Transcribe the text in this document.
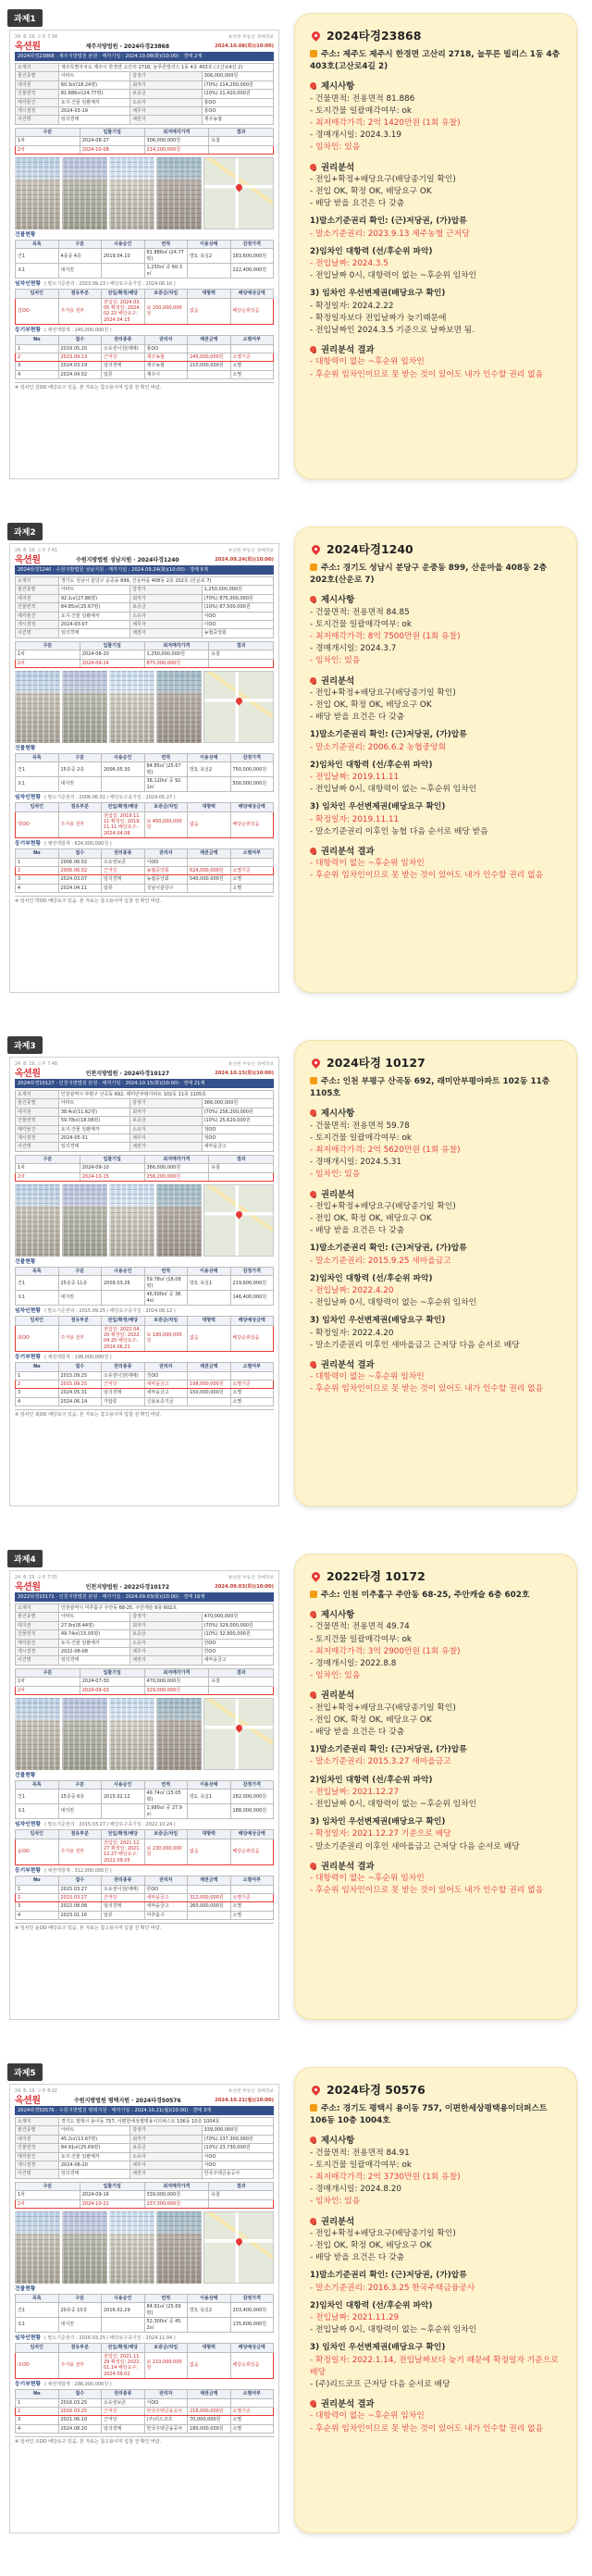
과제1
24. 8. 19. 오후 7:34	옥션원 부동산 경매정보
옥션원	제주지방법원 · 2024타경23868	2024.10.08(화)(10:00)
2024타경23868 · 제주지방법원 본원 · 매각기일 : 2024.10.08(화)(10:00) · 경매 2계
소재지	제주특별자치도 제주시 한경면 고산리 2718, 늘푸른빌리스 1동 4층 403호 (고산로4길 2)		
물건종별	아파트	감정가	306,000,000원
대지권	60.3㎡(18.24평)	최저가	(70%) 214,200,000원
건물면적	81.886㎡(24.77평)	보증금	(10%) 21,420,000원
매각물건	토지·건물 일괄매각	소유자	홍OO
개시결정	2024-03-19	채무자	홍OO
사건명	임의경매	채권자	제주농협
구분	입찰기일	최저매각가격	결과
1차	2024-08-27	306,000,000원	유찰
2차	2024-10-08	214,200,000원	
건물현황
목록	구분	사용승인	면적	이용상태	감정가격
건1	4층중 4층	2019.04.10	81.886㎡ (24.77평)	방3, 욕실2	183,600,000원
토1	대지권		1,250㎡ 중 60.3㎡		122,400,000원
임차인현황 ( 말소기준권리 : 2023.09.13 / 배당요구종기일 : 2024.06.10 )
임차인	점유부분	전입/확정/배당	보증금/차임	대항력	배당예상금액
김OO	주거용 전부	전입일: 2024.03.05 확정일: 2024.02.22 배당요구: 2024.04.15	보 200,000,000원	없음	배당순위있음
등기부현황 ( 채권액합계 : 245,000,000원 )
No	접수	권리종류	권리자	채권금액	소멸여부
1	2019.05.20	소유권이전(매매)	홍OO		
2	2023.09.13	근저당	제주농협	245,000,000원	소멸기준
3	2024.03.19	임의경매	제주농협	210,000,000원	소멸
4	2024.04.02	압류	제주시		소멸
※ 임차인 김OO 배당요구 있음. 본 자료는 참고용이며 입찰 전 확인 바람.
2024타경23868
주소: 제주도 제주시 한경면 고산리 2718, 늘푸른 빌리스 1동 4층 403호(고산로4길 2)
제시사항
- 건물면적: 전용면적 81.886
- 토지건물 일괄매각여부: ok
- 최저매각가격: 2억 1420만원 (1회 유찰)
- 경매개시일: 2024.3.19
- 임차인: 있음
권리분석
- 전입+확정+배당요구(배당종기일 확인)
- 전입 OK, 확정 OK, 배당요구 OK
- 배당 받을 요건은 다 갖춤
1)말소기준권리 확인: (근)저당권, (가)압류
- 말소기준권리: 2023.9.13 제주농협 근저당
2)임차인 대항력 (선/후순위 파악)
- 전입날짜: 2024.3.5
- 전입날짜 0시, 대항력이 없는 ~후순위 임차인
3) 임차인 우선변제권(배당요구 확인)
- 확정일자: 2024.2.22
- 확정일자보다 전입날짜가 늦기때문에
- 전입날짜인 2024.3.5 기준으로 날짜보면 됨.
권리분석 결과
- 대항력이 없는 ~후순위 임차인
- 후순위 임차인이므로 못 받는 것이 있어도 내가 인수할 권리 없음
과제2
24. 8. 19. 오후 7:41	옥션원 부동산 경매정보
옥션원	수원지방법원 성남지원 · 2024타경1240	2024.09.24(화)(10:00)
2024타경1240 · 수원지방법원 성남지원 · 매각기일 : 2024.09.24(화)(10:00) · 경매 5계
소재지	경기도 성남시 분당구 운중동 899, 산운마을 408동 2층 202호 (산운로 7)		
물건종별	아파트	감정가	1,250,000,000원
대지권	92.1㎡(27.86평)	최저가	(70%) 875,000,000원
건물면적	84.85㎡(25.67평)	보증금	(10%) 87,500,000원
매각물건	토지·건물 일괄매각	소유자	이OO
개시결정	2024-03-07	채무자	이OO
사건명	임의경매	채권자	농협중앙회
구분	입찰기일	최저매각가격	결과
1차	2024-08-20	1,250,000,000원	유찰
2차	2024-09-24	875,000,000원	
건물현황
목록	구분	사용승인	면적	이용상태	감정가격
건1	15층중 2층	2006.05.30	84.85㎡ (25.67평)	방3, 욕실2	750,000,000원
토1	대지권		38,120㎡ 중 92.1㎡		500,000,000원
임차인현황 ( 말소기준권리 : 2006.06.02 / 배당요구종기일 : 2024.05.27 )
임차인	점유부분	전입/확정/배당	보증금/차임	대항력	배당예상금액
박OO	주거용 전부	전입일: 2019.11.11 확정일: 2019.11.11 배당요구: 2024.04.08	보 450,000,000원	없음	배당순위있음
등기부현황 ( 채권액합계 : 624,000,000원 )
No	접수	권리종류	권리자	채권금액	소멸여부
1	2006.06.02	소유권보존	이OO		
2	2006.06.02	근저당	농협중앙회	624,000,000원	소멸기준
3	2024.03.07	임의경매	농협중앙회	540,000,000원	소멸
4	2024.04.11	압류	성남시분당구		소멸
※ 임차인 박OO 배당요구 있음. 본 자료는 참고용이며 입찰 전 확인 바람.
2024타경1240
주소: 경기도 성남시 분당구 운중동 899, 산운마을 408동 2층 202호(산운로 7)
제시사항
- 건물면적: 전용면적 84.85
- 토지건물 일괄매각여부: ok
- 최저매각가격: 8억 7500만원 (1회 유찰)
- 경매개시일: 2024.3.7
- 임차인: 있음
권리분석
- 전입+확정+배당요구(배당종기일 확인)
- 전입 OK, 확정 OK, 배당요구 OK
- 배당 받을 요건은 다 갖춤
1)말소기준권리 확인: (근)저당권, (가)압류
- 말소기준권리: 2006.6.2 농협중앙회
2)임차인 대항력 (선/후순위 파악)
- 전입날짜: 2019.11.11
- 전입날짜 0시, 대항력이 없는 ~후순위 임차인
3) 임차인 우선변제권(배당요구 확인)
- 확정일자: 2019.11.11
- 말소기준권리 이후인 농협 다음 순서로 배당 받음
권리분석 결과
- 대항력이 없는 ~후순위 임차인
- 후순위 임차인이므로 못 받는 것이 있어도 내가 인수할 권리 없음
과제3
24. 8. 19. 오후 7:48	옥션원 부동산 경매정보
옥션원	인천지방법원 · 2024타경10127	2024.10.15(화)(10:00)
2024타경10127 · 인천지방법원 본원 · 매각기일 : 2024.10.15(화)(10:00) · 경매 21계
소재지	인천광역시 부평구 산곡동 692, 래미안부평아파트 102동 11층 1105호		
물건종별	아파트	감정가	366,000,000원
대지권	38.4㎡(11.62평)	최저가	(70%) 256,200,000원
건물면적	59.78㎡(18.08평)	보증금	(10%) 25,620,000원
매각물건	토지·건물 일괄매각	소유자	정OO
개시결정	2024-05-31	채무자	정OO
사건명	임의경매	채권자	새마을금고
구분	입찰기일	최저매각가격	결과
1차	2024-09-10	366,000,000원	유찰
2차	2024-10-15	256,200,000원	
건물현황
목록	구분	사용승인	면적	이용상태	감정가격
건1	25층중 11층	2009.03.26	59.78㎡ (18.08평)	방3, 욕실1	219,600,000원
토1	대지권		46,500㎡ 중 38.4㎡		146,400,000원
임차인현황 ( 말소기준권리 : 2015.09.25 / 배당요구종기일 : 2024.08.12 )
임차인	점유부분	전입/확정/배당	보증금/차임	대항력	배당예상금액
최OO	주거용 전부	전입일: 2022.04.20 확정일: 2022.04.20 배당요구: 2024.06.21	보 180,000,000원	없음	배당순위있음
등기부현황 ( 채권액합계 : 198,000,000원 )
No	접수	권리종류	권리자	채권금액	소멸여부
1	2015.09.25	소유권이전(매매)	정OO		
2	2015.09.25	근저당	새마을금고	198,000,000원	소멸기준
3	2024.05.31	임의경매	새마을금고	150,000,000원	소멸
4	2024.06.14	가압류	신용보증기금		소멸
※ 임차인 최OO 배당요구 있음. 본 자료는 참고용이며 입찰 전 확인 바람.
2024타경 10127
주소: 인천 부평구 산곡동 692, 래미안부평아파트 102동 11층 1105호
제시사항
- 건물면적: 전용면적 59.78
- 토지건물 일괄매각여부: ok
- 최저매각가격: 2억 5620만원 (1회 유찰)
- 경매개시일: 2024.5.31
- 임차인: 있음
권리분석
- 전입+확정+배당요구(배당종기일 확인)
- 전입 OK, 확정 OK, 배당요구 OK
- 배당 받을 요건은 다 갖춤
1)말소기준권리 확인: (근)저당권, (가)압류
- 말소기준권리: 2015.9.25 새마을금고
2)임차인 대항력 (선/후순위 파악)
- 전입날짜: 2022.4.20
- 전입날짜 0시, 대항력이 없는 ~후순위 임차인
3) 임차인 우선변제권(배당요구 확인)
- 확정일자: 2022.4.20
- 말소기준권리 이후인 새마을금고 근저당 다음 순서로 배당
권리분석 결과
- 대항력이 없는 ~후순위 임차인
- 후순위 임차인이므로 못 받는 것이 있어도 내가 인수할 권리 없음
과제4
24. 8. 19. 오후 7:55	옥션원 부동산 경매정보
옥션원	인천지방법원 · 2022타경10172	2024.09.03(화)(10:00)
2022타경10172 · 인천지방법원 본원 · 매각기일 : 2024.09.03(화)(10:00) · 경매 16계
소재지	인천광역시 미추홀구 주안동 68-25, 주안캐슬 6층 602호		
물건종별	아파트	감정가	470,000,000원
대지권	27.9㎡(8.44평)	최저가	(70%) 329,000,000원
건물면적	49.74㎡(15.05평)	보증금	(10%) 32,900,000원
매각물건	토지·건물 일괄매각	소유자	한OO
개시결정	2022-08-08	채무자	한OO
사건명	임의경매	채권자	새마을금고
구분	입찰기일	최저매각가격	결과
1차	2024-07-30	470,000,000원	유찰
2차	2024-09-03	329,000,000원	
건물현황
목록	구분	사용승인	면적	이용상태	감정가격
건1	15층중 6층	2015.02.12	49.74㎡ (15.05평)	방2, 욕실1	282,000,000원
토1	대지권		1,980㎡ 중 27.9㎡		188,000,000원
임차인현황 ( 말소기준권리 : 2015.03.27 / 배당요구종기일 : 2022.10.24 )
임차인	점유부분	전입/확정/배당	보증금/차임	대항력	배당예상금액
윤OO	주거용 전부	전입일: 2021.12.27 확정일: 2021.12.27 배당요구: 2022.09.05	보 230,000,000원	없음	배당순위있음
등기부현황 ( 채권액합계 : 312,000,000원 )
No	접수	권리종류	권리자	채권금액	소멸여부
1	2015.03.27	소유권이전(매매)	한OO		
2	2015.03.27	근저당	새마을금고	312,000,000원	소멸기준
3	2022.08.08	임의경매	새마을금고	260,000,000원	소멸
4	2023.01.16	압류	미추홀구		소멸
※ 임차인 윤OO 배당요구 있음. 본 자료는 참고용이며 입찰 전 확인 바람.
2022타경 10172
주소: 인천 미추홀구 주안동 68-25, 주안캐슬 6층 602호
제시사항
- 건물면적: 전용면적 49.74
- 토지건물 일괄매각여부: ok
- 최저매각가격: 3억 2900만원 (1회 유찰)
- 경매개시일: 2022.8.8
- 임차인: 있음
권리분석
- 전입+확정+배당요구(배당종기일 확인)
- 전입 OK, 확정 OK, 배당요구 OK
- 배당 받을 요건은 다 갖춤
1)말소기준권리 확인: (근)저당권, (가)압류
- 말소기준권리: 2015.3.27 새마을금고
2)임차인 대항력 (선/후순위 파악)
- 전입날짜: 2021.12.27
- 전입날짜 0시, 대항력이 없는 ~후순위 임차인
3) 임차인 우선변제권(배당요구 확인)
- 확정일자: 2021.12.27 기준으로 배당
- 말소기준권리 이후인 새마을금고 근저당 다음 순서로 배당
권리분석 결과
- 대항력이 없는 ~후순위 임차인
- 후순위 임차인이므로 못 받는 것이 있어도 내가 인수할 권리 없음
과제5
24. 8. 19. 오후 8:02	옥션원 부동산 경매정보
옥션원	수원지방법원 평택지원 · 2024타경50576	2024.10.21(월)(10:00)
2024타경50576 · 수원지방법원 평택지원 · 매각기일 : 2024.10.21(월)(10:00) · 경매 3계
소재지	경기도 평택시 용이동 757, 이편한세상평택용이더퍼스트 106동 10층 1004호		
물건종별	아파트	감정가	339,000,000원
대지권	45.2㎡(13.67평)	최저가	(70%) 237,300,000원
건물면적	84.91㎡(25.69평)	보증금	(10%) 23,730,000원
매각물건	토지·건물 일괄매각	소유자	서OO
개시결정	2024-08-20	채무자	서OO
사건명	임의경매	채권자	한국주택금융공사
구분	입찰기일	최저매각가격	결과
1차	2024-09-16	339,000,000원	유찰
2차	2024-10-21	237,300,000원	
건물현황
목록	구분	사용승인	면적	이용상태	감정가격
건1	20층중 10층	2016.02.29	84.91㎡ (25.69평)	방3, 욕실2	203,400,000원
토1	대지권		52,300㎡ 중 45.2㎡		135,600,000원
임차인현황 ( 말소기준권리 : 2016.03.25 / 배당요구종기일 : 2024.11.04 )
임차인	점유부분	전입/확정/배당	보증금/차임	대항력	배당예상금액
조OO	주거용 전부	전입일: 2021.11.29 확정일: 2022.01.14 배당요구: 2024.09.02	보 210,000,000원	없음	배당순위있음
등기부현황 ( 채권액합계 : 286,000,000원 )
No	접수	권리종류	권리자	채권금액	소멸여부
1	2016.03.25	소유권보존	서OO		
2	2016.03.25	근저당	한국주택금융공사	216,000,000원	소멸기준
3	2021.06.10	근저당	(주)리드코프	70,000,000원	소멸
4	2024.08.20	임의경매	한국주택금융공사	180,000,000원	소멸
※ 임차인 조OO 배당요구 있음. 본 자료는 참고용이며 입찰 전 확인 바람.
2024타경 50576
주소: 경기도 평택시 용이동 757, 이편한세상평택용이더퍼스트 106동 10층 1004호
제시사항
- 건물면적: 전용면적 84.91
- 토지건물 일괄매각여부: ok
- 최저매각가격: 2억 3730만원 (1회 유찰)
- 경매개시일: 2024.8.20
- 임차인: 있음
권리분석
- 전입+확정+배당요구(배당종기일 확인)
- 전입 OK, 확정 OK, 배당요구 OK
- 배당 받을 요건은 다 갖춤
1)말소기준권리 확인: (근)저당권, (가)압류
- 말소기준권리: 2016.3.25 한국주택금융공사
2)임차인 대항력 (선/후순위 파악)
- 전입날짜: 2021.11.29
- 전입날짜 0시, 대항력이 없는 ~후순위 임차인
3) 임차인 우선변제권(배당요구 확인)
- 확정일자: 2022.1.14, 전입날짜보다 늦기 때문에 확정일자 기준으로 배당
- (주)리드코프 근저당 다음 순서로 배당
권리분석 결과
- 대항력이 없는 ~후순위 임차인
- 후순위 임차인이므로 못 받는 것이 있어도 내가 인수할 권리 없음
